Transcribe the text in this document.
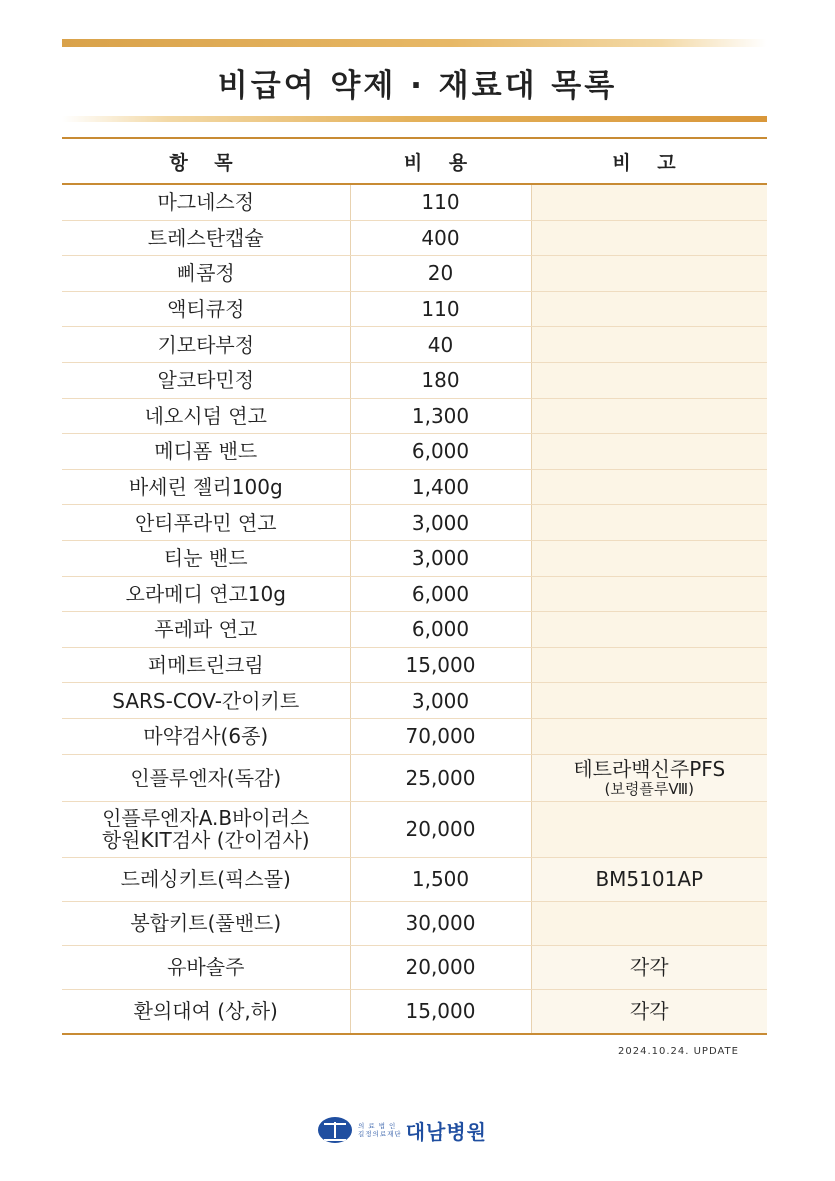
비급여 약제 · 재료대 목록
항 목	비 용	비 고
마그네스정	110	
트레스탄캡슐	400	
삐콤정	20	
액티큐정	110	
기모타부정	40	
알코타민정	180	
네오시덤 연고	1,300	
메디폼 밴드	6,000	
바세린 젤리100g	1,400	
안티푸라민 연고	3,000	
티눈 밴드	3,000	
오라메디 연고10g	6,000	
푸레파 연고	6,000	
퍼메트린크림	15,000	
SARS-COV-간이키트	3,000	
마약검사(6종)	70,000	
인플루엔자(독감)	25,000	테트라백신주PFS
(보령플루Ⅷ)

인플루엔자A.B바이러스
항원KIT검사 (간이검사)	20,000	
드레싱키트(픽스몰)	1,500	BM5101AP
봉합키트(풀밴드)	30,000	
유바솔주	20,000	각각
환의대여 (상,하)	15,000	각각
2024.10.24. UPDATE
의 료 법 인
길정의료재단 대남병원
